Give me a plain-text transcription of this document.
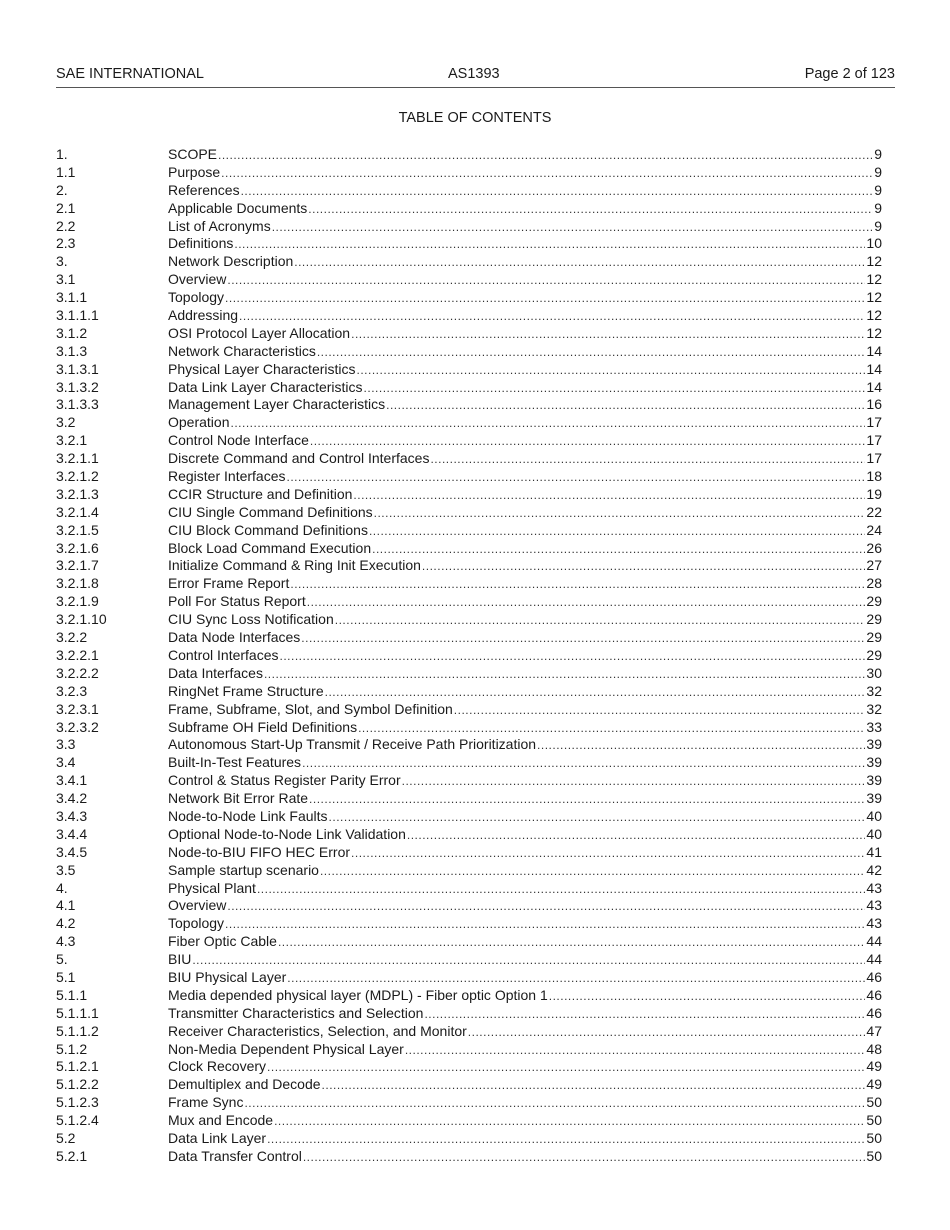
SAE INTERNATIONAL	AS1393	Page 2 of 123
TABLE OF CONTENTS
1.	SCOPE .....	9
1.1	Purpose .....	9
2.	References .....	9
2.1	Applicable Documents .....	9
2.2	List of Acronyms .....	9
2.3	Definitions .....	10
3.	Network Description .....	12
3.1	Overview .....	12
3.1.1	Topology .....	12
3.1.1.1	Addressing .....	12
3.1.2	OSI Protocol Layer Allocation .....	12
3.1.3	Network Characteristics .....	14
3.1.3.1	Physical Layer Characteristics .....	14
3.1.3.2	Data Link Layer Characteristics .....	14
3.1.3.3	Management Layer Characteristics .....	16
3.2	Operation .....	17
3.2.1	Control Node Interface .....	17
3.2.1.1	Discrete Command and Control Interfaces .....	17
3.2.1.2	Register Interfaces .....	18
3.2.1.3	CCIR Structure and Definition .....	19
3.2.1.4	CIU Single Command Definitions .....	22
3.2.1.5	CIU Block Command Definitions .....	24
3.2.1.6	Block Load Command Execution .....	26
3.2.1.7	Initialize Command & Ring Init Execution .....	27
3.2.1.8	Error Frame Report .....	28
3.2.1.9	Poll For Status Report .....	29
3.2.1.10	CIU Sync Loss Notification .....	29
3.2.2	Data Node Interfaces .....	29
3.2.2.1	Control Interfaces .....	29
3.2.2.2	Data Interfaces .....	30
3.2.3	RingNet Frame Structure .....	32
3.2.3.1	Frame, Subframe, Slot, and Symbol Definition .....	32
3.2.3.2	Subframe OH Field Definitions .....	33
3.3	Autonomous Start-Up Transmit / Receive Path Prioritization .....	39
3.4	Built-In-Test Features .....	39
3.4.1	Control & Status Register Parity Error .....	39
3.4.2	Network Bit Error Rate .....	39
3.4.3	Node-to-Node Link Faults .....	40
3.4.4	Optional Node-to-Node Link Validation .....	40
3.4.5	Node-to-BIU FIFO HEC Error .....	41
3.5	Sample startup scenario .....	42
4.	Physical Plant .....	43
4.1	Overview .....	43
4.2	Topology .....	43
4.3	Fiber Optic Cable .....	44
5.	BIU .....	44
5.1	BIU Physical Layer .....	46
5.1.1	Media depended physical layer (MDPL) - Fiber optic Option 1 .....	46
5.1.1.1	Transmitter Characteristics and Selection .....	46
5.1.1.2	Receiver Characteristics, Selection, and Monitor .....	47
5.1.2	Non-Media Dependent Physical Layer .....	48
5.1.2.1	Clock Recovery .....	49
5.1.2.2	Demultiplex and Decode .....	49
5.1.2.3	Frame Sync .....	50
5.1.2.4	Mux and Encode .....	50
5.2	Data Link Layer .....	50
5.2.1	Data Transfer Control .....	50
